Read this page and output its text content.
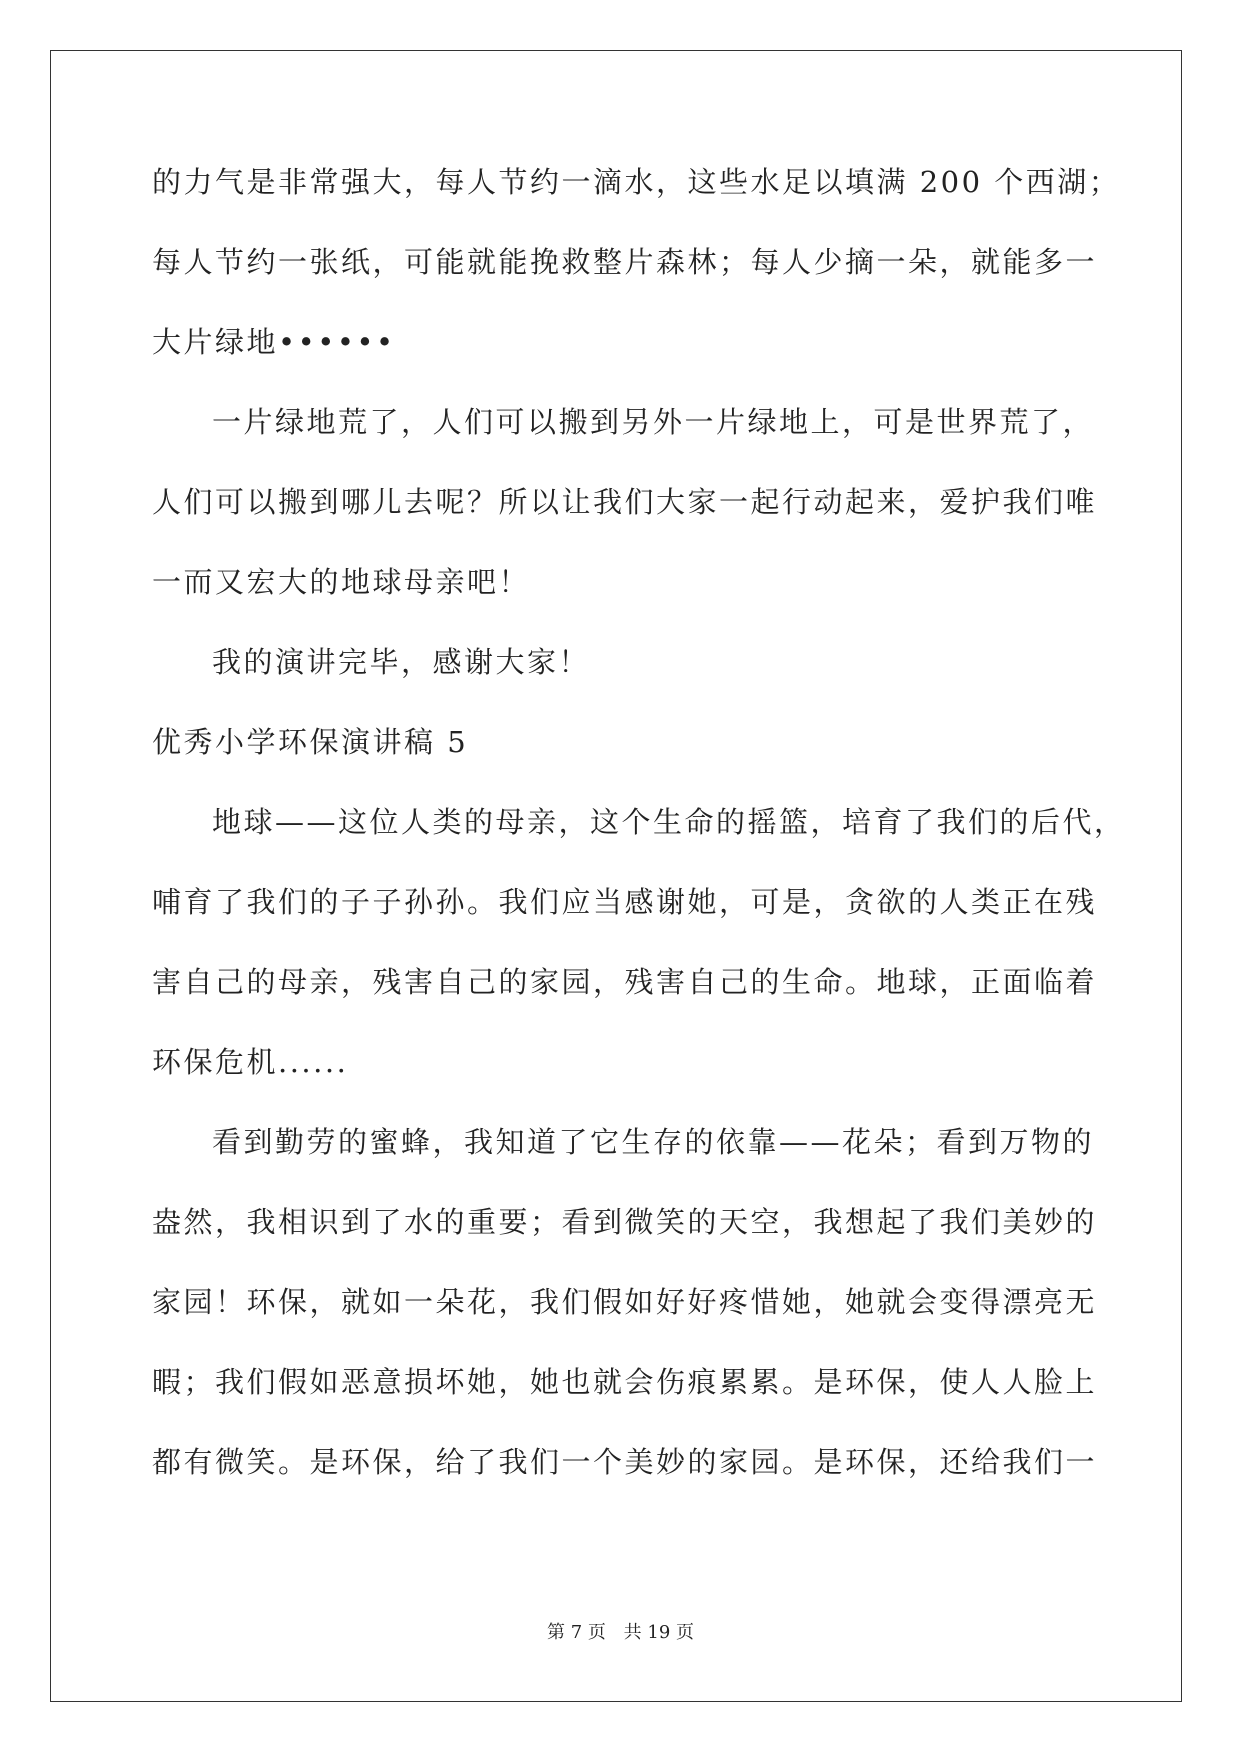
的力气是非常强大，每人节约一滴水，这些水足以填满 200 个西湖；
每人节约一张纸，可能就能挽救整片森林；每人少摘一朵，就能多一
大片绿地••••••
一片绿地荒了，人们可以搬到另外一片绿地上，可是世界荒了，
人们可以搬到哪儿去呢？所以让我们大家一起行动起来，爱护我们唯
一而又宏大的地球母亲吧！
我的演讲完毕，感谢大家！
优秀小学环保演讲稿 5
地球——这位人类的母亲，这个生命的摇篮，培育了我们的后代，
哺育了我们的子子孙孙。我们应当感谢她，可是，贪欲的人类正在残
害自己的母亲，残害自己的家园，残害自己的生命。地球，正面临着
环保危机......
看到勤劳的蜜蜂，我知道了它生存的依靠——花朵；看到万物的
盎然，我相识到了水的重要；看到微笑的天空，我想起了我们美妙的
家园！环保，就如一朵花，我们假如好好疼惜她，她就会变得漂亮无
暇；我们假如恶意损坏她，她也就会伤痕累累。是环保，使人人脸上
都有微笑。是环保，给了我们一个美妙的家园。是环保，还给我们一
第 7 页 共 19 页
